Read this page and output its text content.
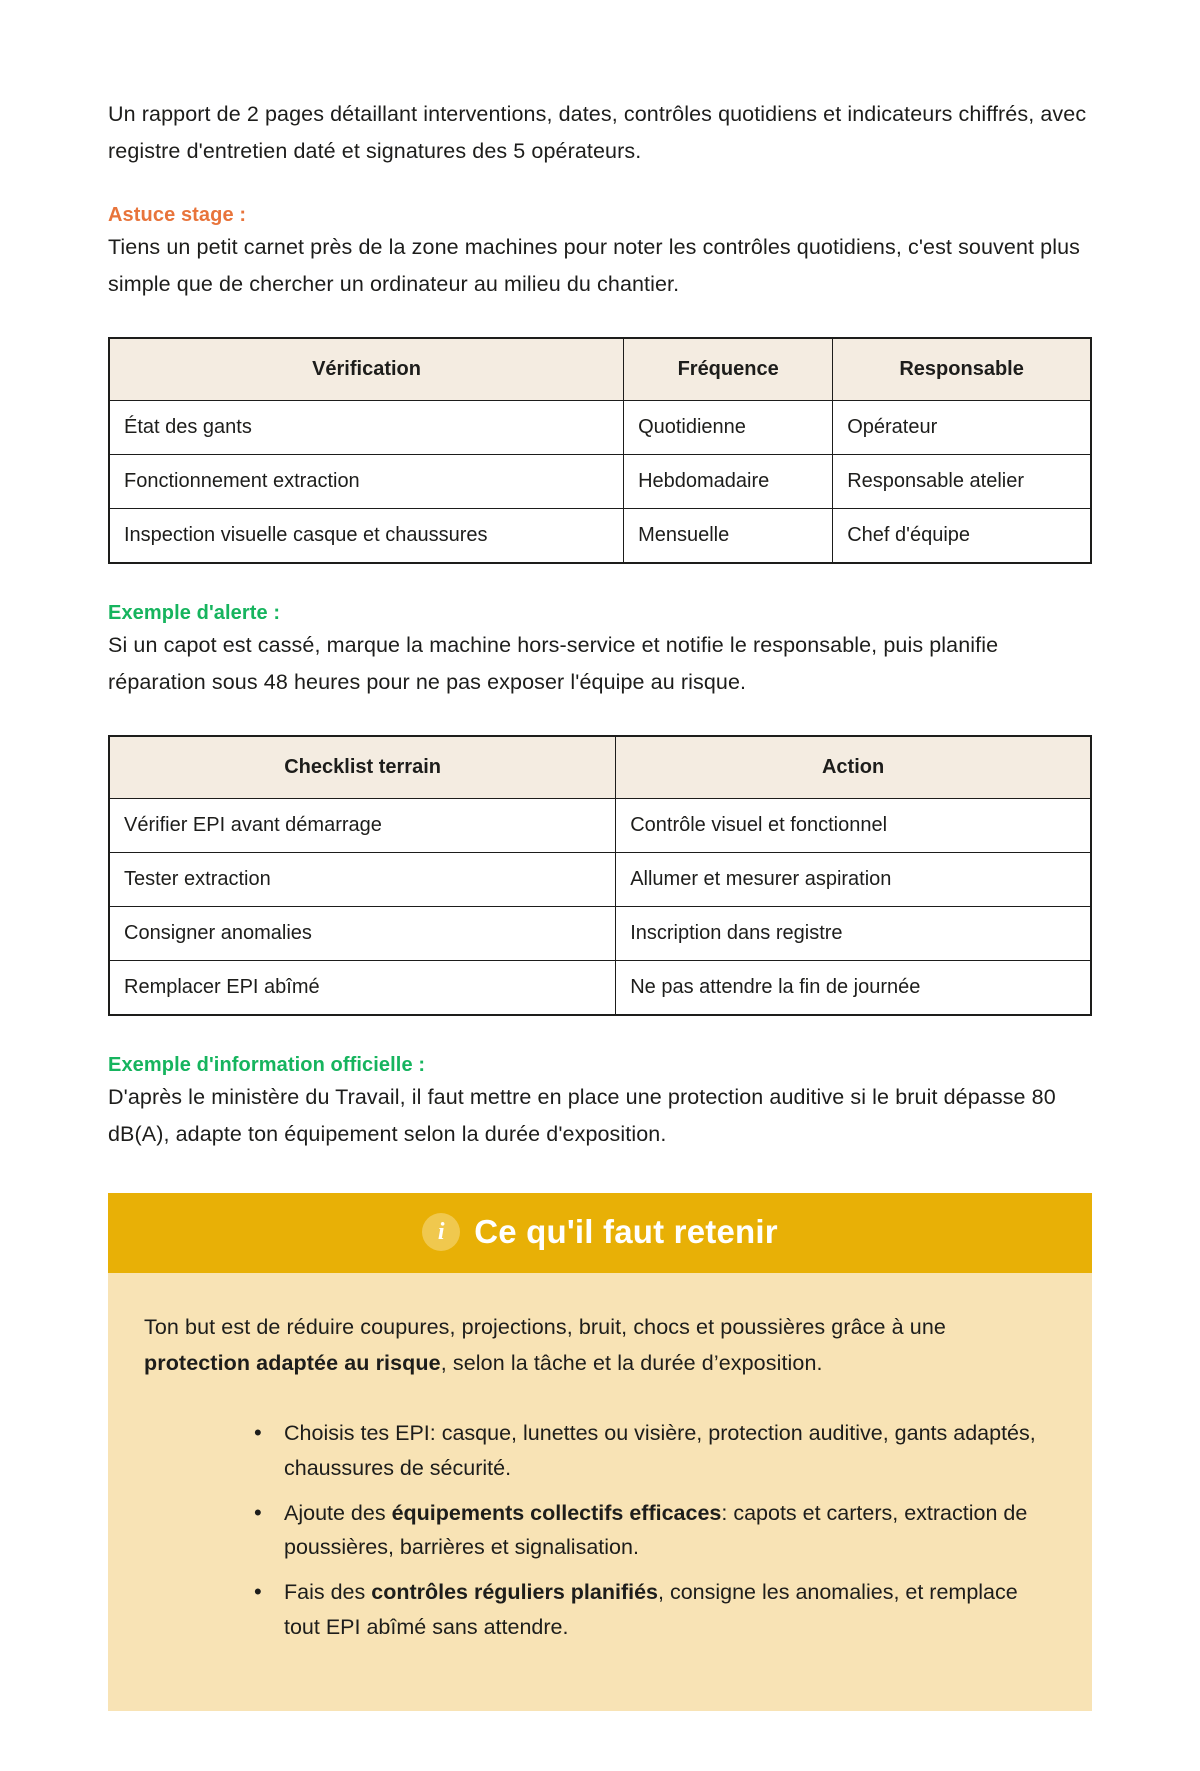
Un rapport de 2 pages détaillant interventions, dates, contrôles quotidiens et indicateurs chiffrés, avec registre d'entretien daté et signatures des 5 opérateurs.

Astuce stage :

Tiens un petit carnet près de la zone machines pour noter les contrôles quotidiens, c'est souvent plus simple que de chercher un ordinateur au milieu du chantier.

Vérification	Fréquence	Responsable
État des gants	Quotidienne	Opérateur
Fonctionnement extraction	Hebdomadaire	Responsable atelier
Inspection visuelle casque et chaussures	Mensuelle	Chef d'équipe
Exemple d'alerte :

Si un capot est cassé, marque la machine hors-service et notifie le responsable, puis planifie réparation sous 48 heures pour ne pas exposer l'équipe au risque.

Checklist terrain	Action
Vérifier EPI avant démarrage	Contrôle visuel et fonctionnel
Tester extraction	Allumer et mesurer aspiration
Consigner anomalies	Inscription dans registre
Remplacer EPI abîmé	Ne pas attendre la fin de journée
Exemple d'information officielle :

D'après le ministère du Travail, il faut mettre en place une protection auditive si le bruit dépasse 80 dB(A), adapte ton équipement selon la durée d'exposition.

i Ce qu'il faut retenir

Ton but est de réduire coupures, projections, bruit, chocs et poussières grâce à une protection adaptée au risque, selon la tâche et la durée d’exposition.

• Choisis tes EPI: casque, lunettes ou visière, protection auditive, gants adaptés, chaussures de sécurité.
• Ajoute des équipements collectifs efficaces: capots et carters, extraction de poussières, barrières et signalisation.
• Fais des contrôles réguliers planifiés, consigne les anomalies, et remplace tout EPI abîmé sans attendre.
